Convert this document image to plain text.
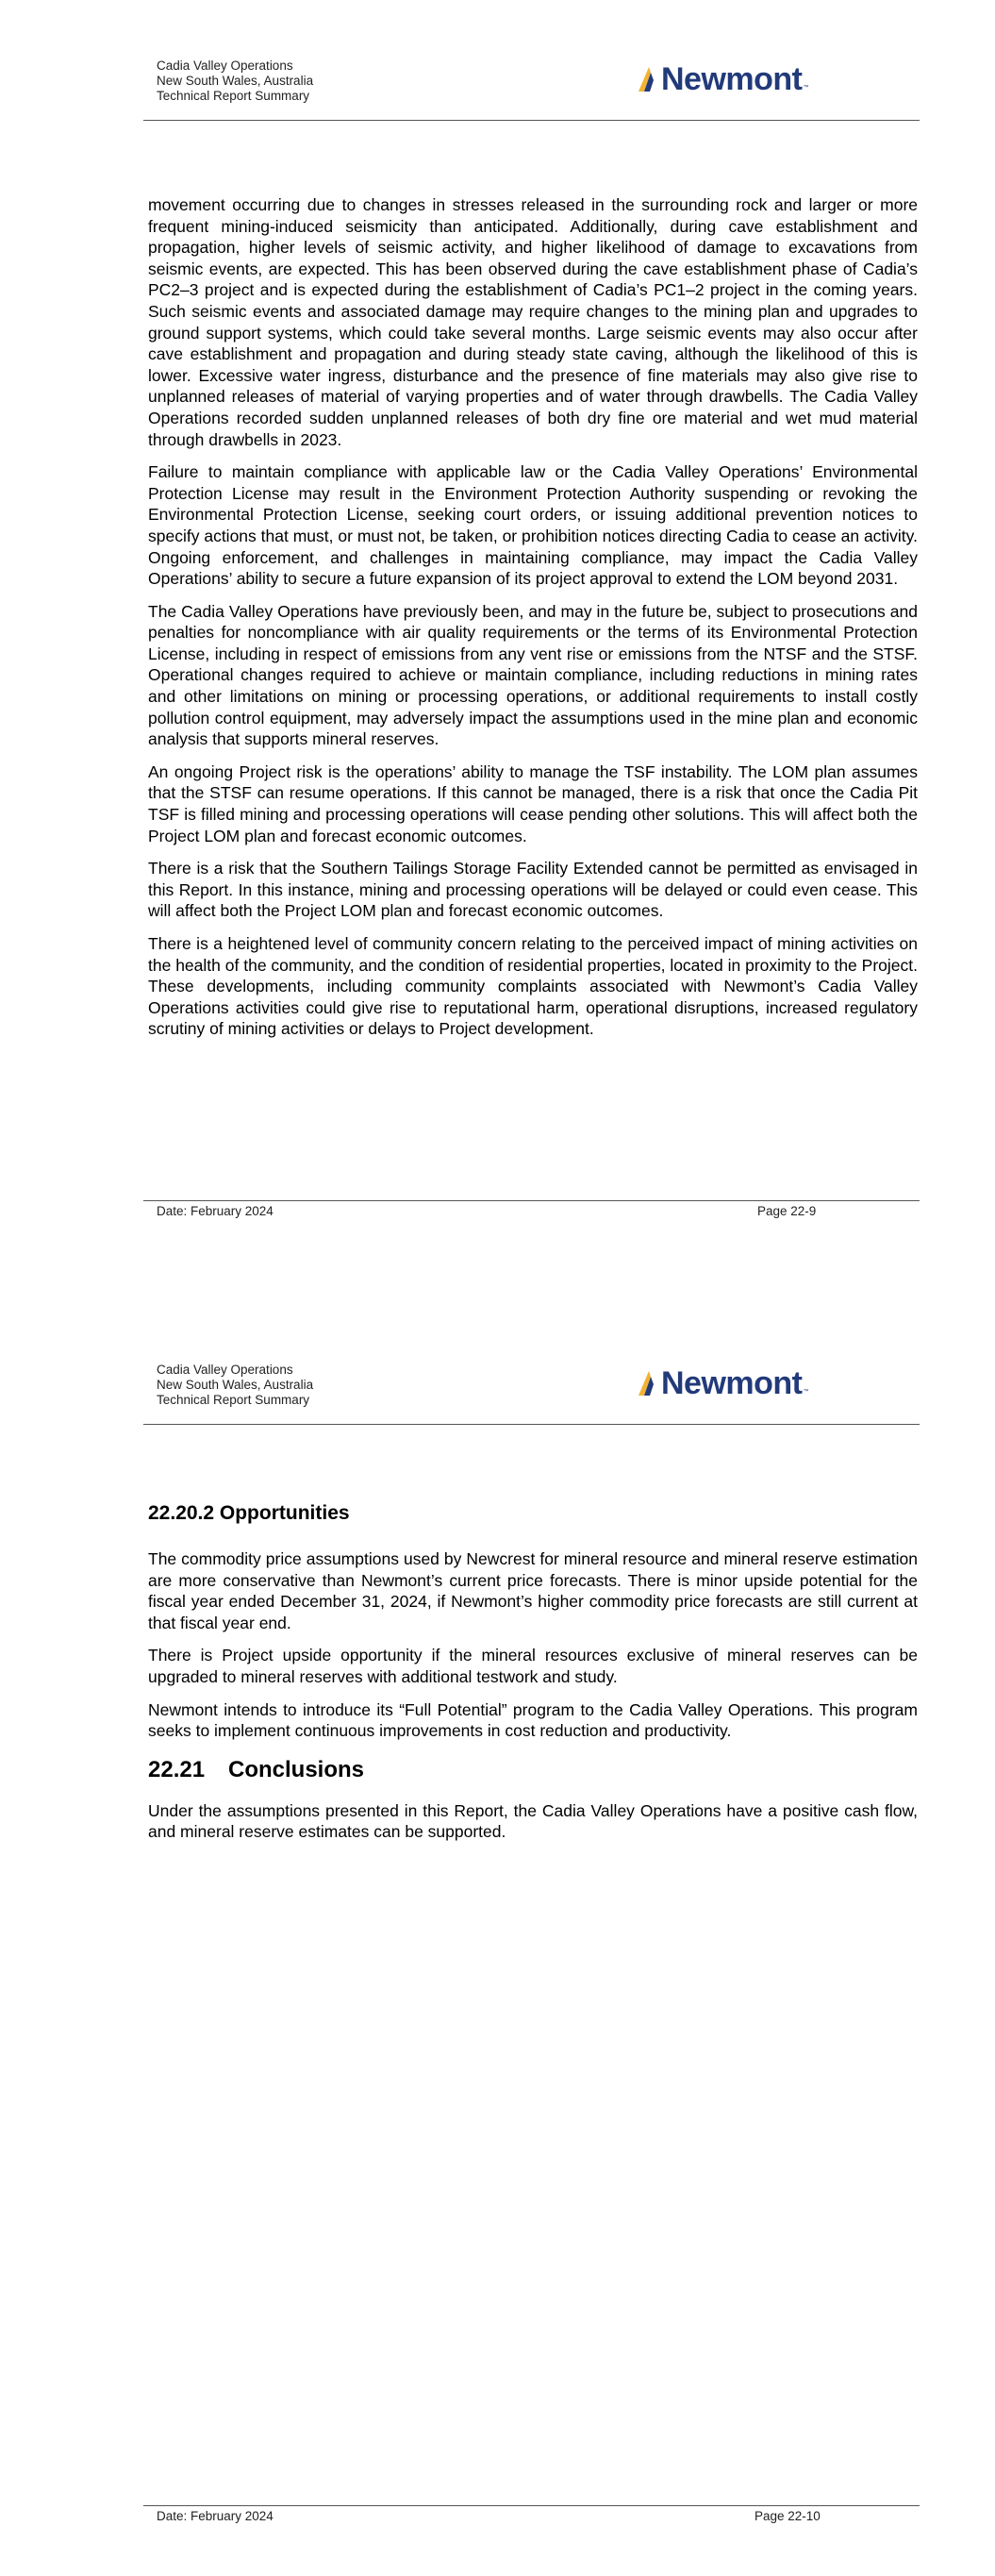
Cadia Valley Operations
New South Wales, Australia
Technical Report Summary	Newmont ™

movement occurring due to changes in stresses released in the surrounding rock and larger or more frequent mining-induced seismicity than anticipated. Additionally, during cave establishment and propagation, higher levels of seismic activity, and higher likelihood of damage to excavations from seismic events, are expected. This has been observed during the cave establishment phase of Cadia’s PC2–3 project and is expected during the establishment of Cadia’s PC1–2 project in the coming years. Such seismic events and associated damage may require changes to the mining plan and upgrades to ground support systems, which could take several months. Large seismic events may also occur after cave establishment and propagation and during steady state caving, although the likelihood of this is lower. Excessive water ingress, disturbance and the presence of fine materials may also give rise to unplanned releases of material of varying properties and of water through drawbells. The Cadia Valley Operations recorded sudden unplanned releases of both dry fine ore material and wet mud material through drawbells in 2023.

Failure to maintain compliance with applicable law or the Cadia Valley Operations’ Environmental Protection License may result in the Environment Protection Authority suspending or revoking the Environmental Protection License, seeking court orders, or issuing additional prevention notices to specify actions that must, or must not, be taken, or prohibition notices directing Cadia to cease an activity. Ongoing enforcement, and challenges in maintaining compliance, may impact the Cadia Valley Operations’ ability to secure a future expansion of its project approval to extend the LOM beyond 2031.

The Cadia Valley Operations have previously been, and may in the future be, subject to prosecutions and penalties for noncompliance with air quality requirements or the terms of its Environmental Protection License, including in respect of emissions from any vent rise or emissions from the NTSF and the STSF. Operational changes required to achieve or maintain compliance, including reductions in mining rates and other limitations on mining or processing operations, or additional requirements to install costly pollution control equipment, may adversely impact the assumptions used in the mine plan and economic analysis that supports mineral reserves.

An ongoing Project risk is the operations’ ability to manage the TSF instability. The LOM plan assumes that the STSF can resume operations. If this cannot be managed, there is a risk that once the Cadia Pit TSF is filled mining and processing operations will cease pending other solutions. This will affect both the Project LOM plan and forecast economic outcomes.

There is a risk that the Southern Tailings Storage Facility Extended cannot be permitted as envisaged in this Report. In this instance, mining and processing operations will be delayed or could even cease. This will affect both the Project LOM plan and forecast economic outcomes.

There is a heightened level of community concern relating to the perceived impact of mining activities on the health of the community, and the condition of residential properties, located in proximity to the Project. These developments, including community complaints associated with Newmont’s Cadia Valley Operations activities could give rise to reputational harm, operational disruptions, increased regulatory scrutiny of mining activities or delays to Project development.

Date: February 2024	Page 22-9
Cadia Valley Operations
New South Wales, Australia
Technical Report Summary	Newmont ™
22.20.2 Opportunities

The commodity price assumptions used by Newcrest for mineral resource and mineral reserve estimation are more conservative than Newmont’s current price forecasts. There is minor upside potential for the fiscal year ended December 31, 2024, if Newmont’s higher commodity price forecasts are still current at that fiscal year end.

There is Project upside opportunity if the mineral resources exclusive of mineral reserves can be upgraded to mineral reserves with additional testwork and study.

Newmont intends to introduce its “Full Potential” program to the Cadia Valley Operations. This program seeks to implement continuous improvements in cost reduction and productivity.

22.21 Conclusions

Under the assumptions presented in this Report, the Cadia Valley Operations have a positive cash flow, and mineral reserve estimates can be supported.

Date: February 2024	Page 22-10
